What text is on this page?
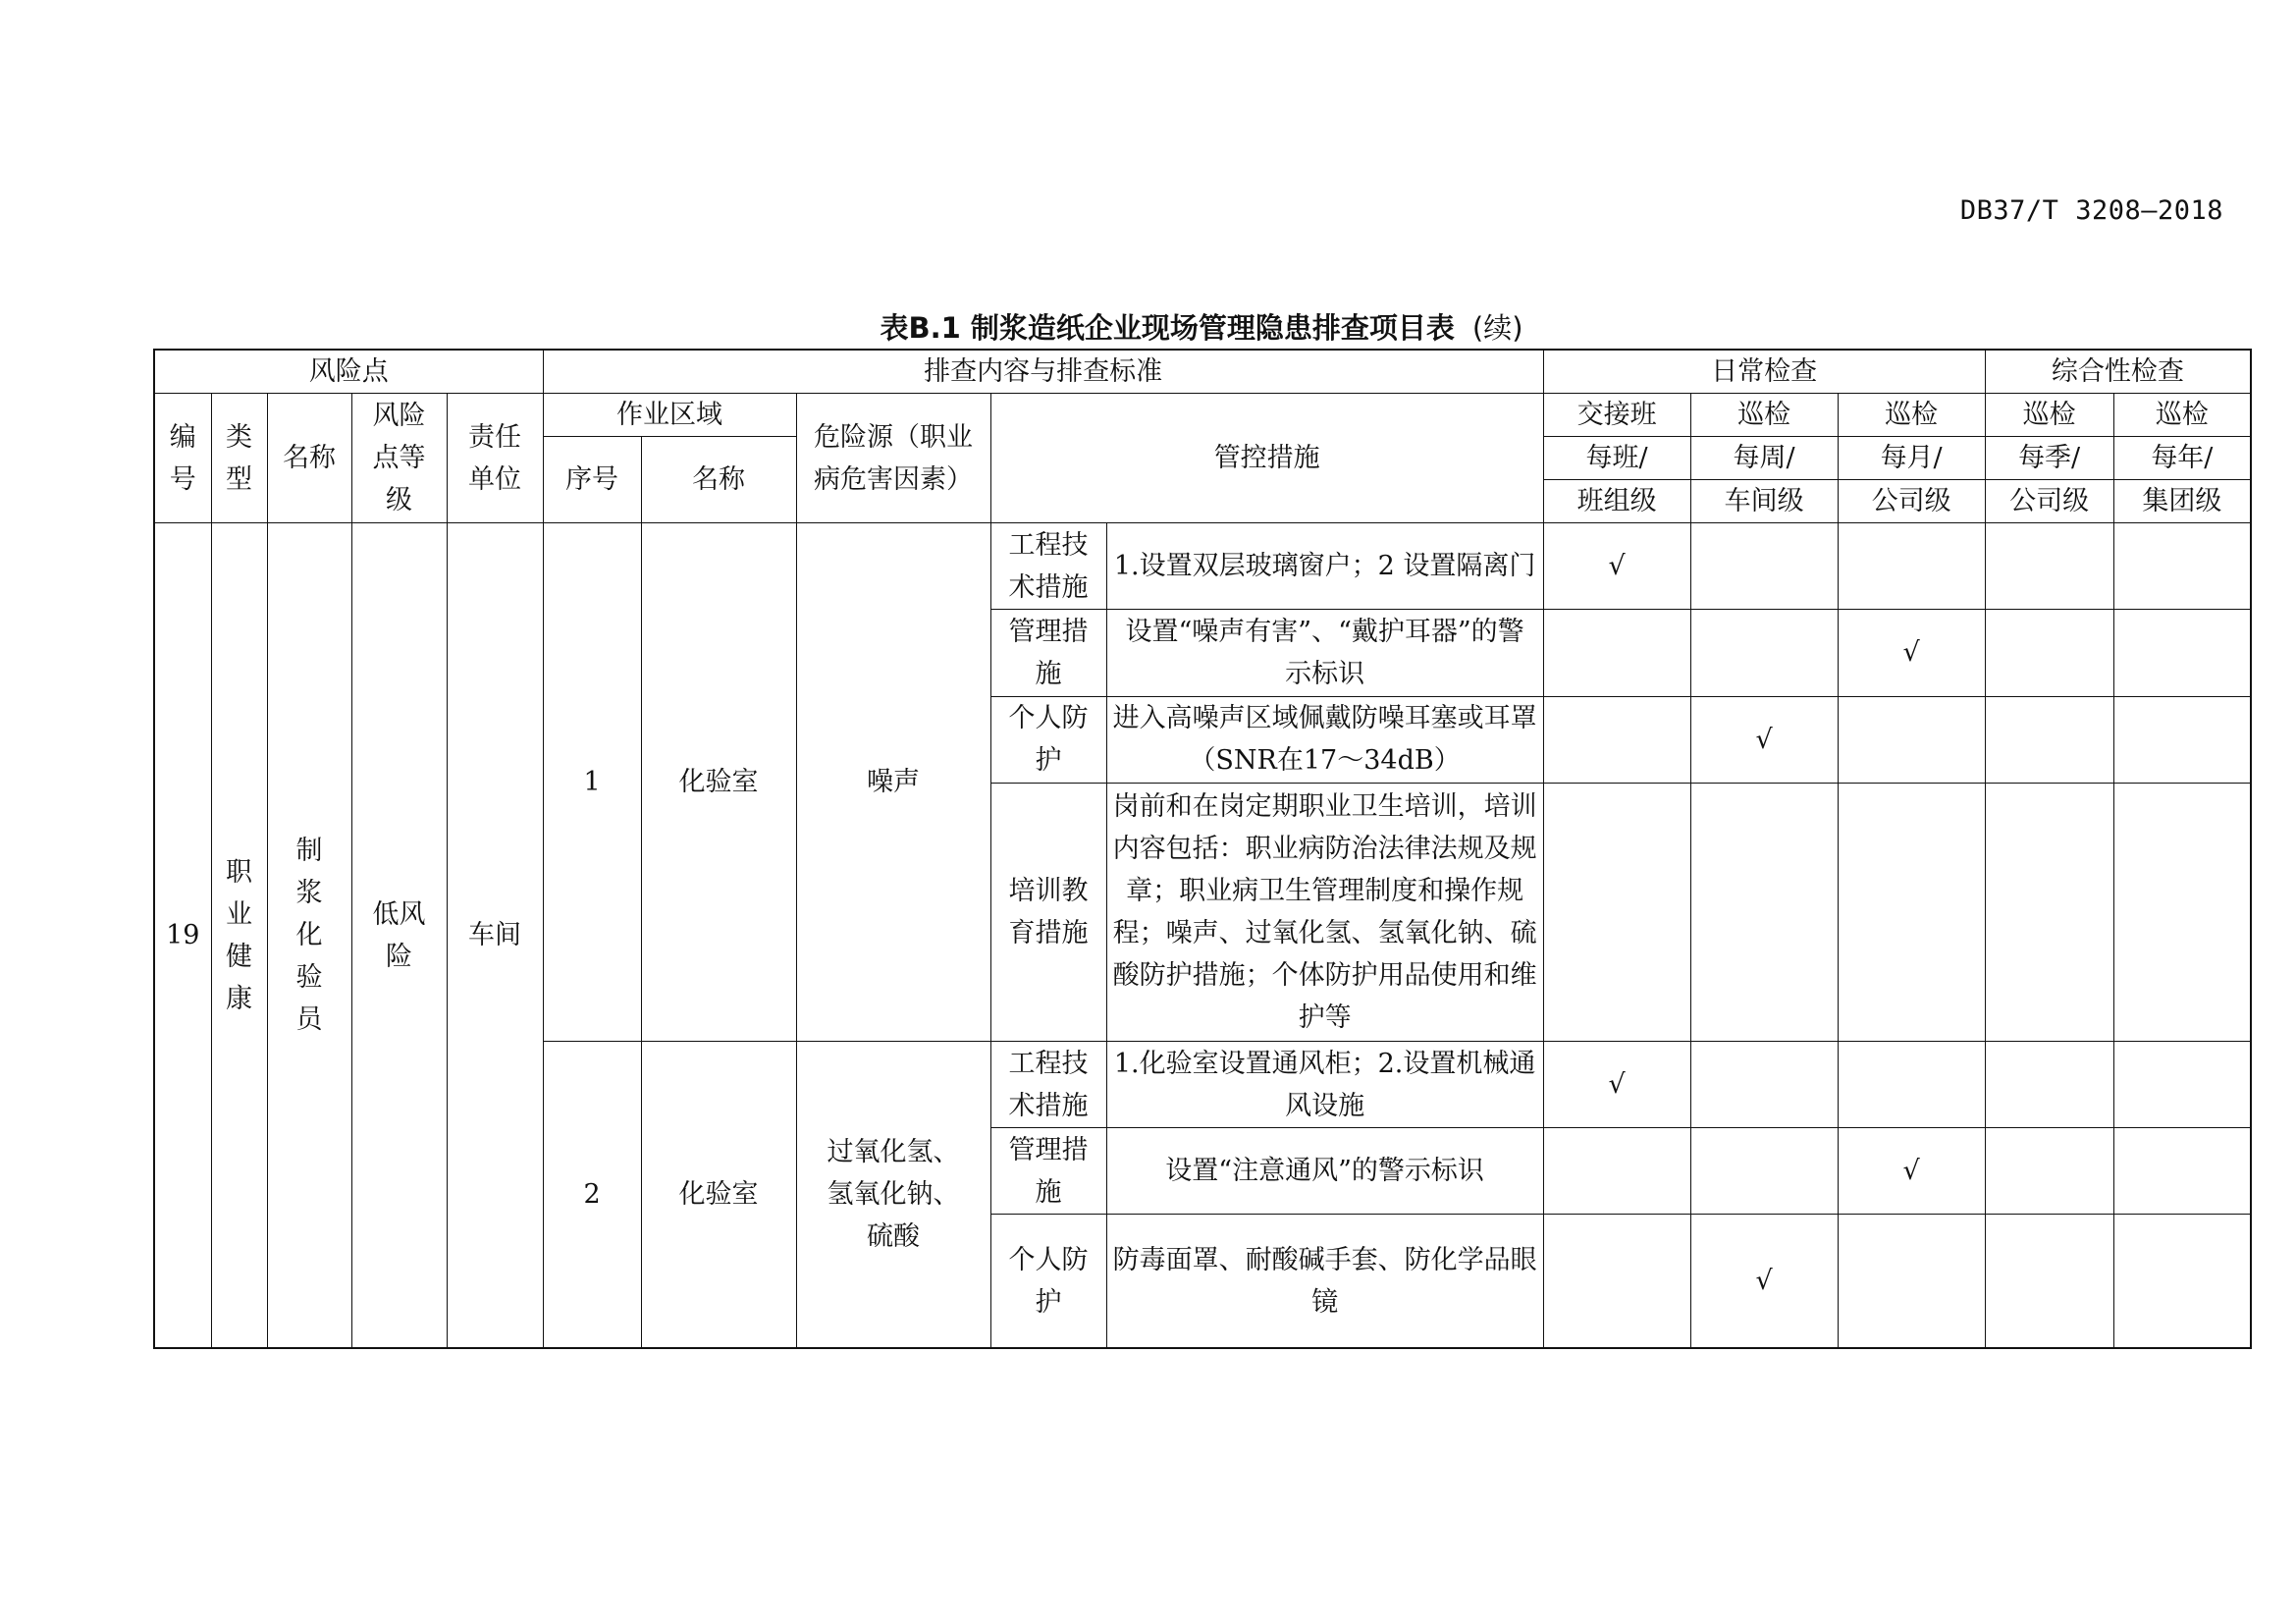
DB37/T 3208—2018
表B.1 制浆造纸企业现场管理隐患排查项目表 (续)
风险点					排查内容与排查标准					日常检查			综合性检查	
编号	类型	名称	风险点等级	责任单位	作业区域		危险源（职业病危害因素）	管控措施		交接班	巡检	巡检	巡检	巡检
					序号	名称				每班/	每周/	每月/	每季/	每年/
										班组级	车间级	公司级	公司级	集团级
19	职业健康	制浆化验员	低风险	车间	1	化验室	噪声	工程技术措施	1.设置双层玻璃窗户；2 设置隔离门	√				
								管理措施	设置“噪声有害”、“戴护耳器”的警示标识			√		
								个人防护	进入高噪声区域佩戴防噪耳塞或耳罩（SNR在17～34dB）		√			
								培训教育措施	岗前和在岗定期职业卫生培训，培训内容包括：职业病防治法律法规及规章；职业病卫生管理制度和操作规程；噪声、过氧化氢、氢氧化钠、硫酸防护措施；个体防护用品使用和维护等					
					2	化验室	过氧化氢、氢氧化钠、硫酸	工程技术措施	1.化验室设置通风柜；2.设置机械通风设施	√				
								管理措施	设置“注意通风”的警示标识			√		
								个人防护	防毒面罩、耐酸碱手套、防化学品眼镜		√			
